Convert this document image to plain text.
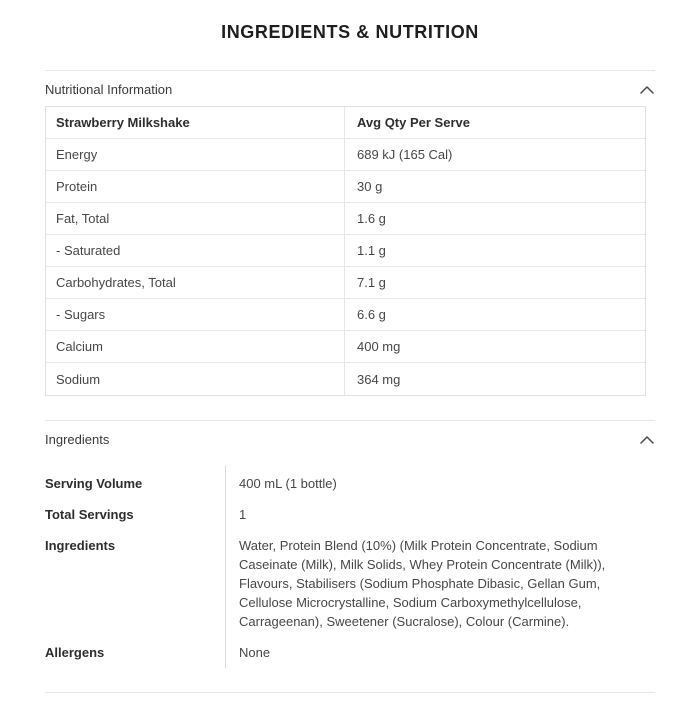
INGREDIENTS & NUTRITION
Nutritional Information
Strawberry Milkshake	Avg Qty Per Serve
Energy	689 kJ (165 Cal)
Protein	30 g
Fat, Total	1.6 g
- Saturated	1.1 g
Carbohydrates, Total	7.1 g
- Sugars	6.6 g
Calcium	400 mg
Sodium	364 mg
Ingredients
Serving Volume	400 mL (1 bottle)

Total Servings	1

Ingredients	Water, Protein Blend (10%) (Milk Protein Concentrate, Sodium Caseinate (Milk), Milk Solids, Whey Protein Concentrate (Milk)), Flavours, Stabilisers (Sodium Phosphate Dibasic, Gellan Gum, Cellulose Microcrystalline, Sodium Carboxymethylcellulose, Carrageenan), Sweetener (Sucralose), Colour (Carmine).

Allergens	None
